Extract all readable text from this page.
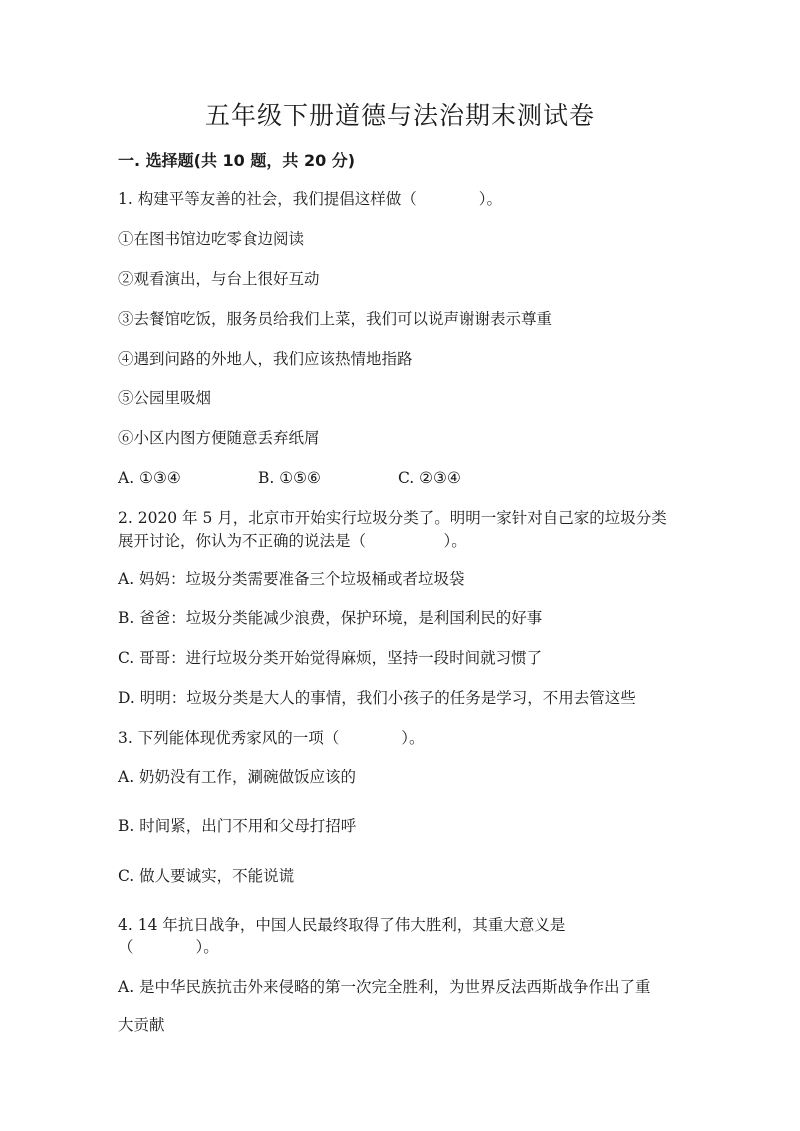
五年级下册道德与法治期末测试卷
一. 选择题(共 10 题，共 20 分)
1. 构建平等友善的社会，我们提倡这样做（　　　　）。
①在图书馆边吃零食边阅读
②观看演出，与台上很好互动
③去餐馆吃饭，服务员给我们上菜，我们可以说声谢谢表示尊重
④遇到问路的外地人，我们应该热情地指路
⑤公园里吸烟
⑥小区内图方便随意丢弃纸屑
A. ①③④	B. ①⑤⑥	C. ②③④
2. 2020 年 5 月，北京市开始实行垃圾分类了。明明一家针对自己家的垃圾分类
展开讨论，你认为不正确的说法是（　　　　　）。
A. 妈妈：垃圾分类需要准备三个垃圾桶或者垃圾袋
B. 爸爸：垃圾分类能减少浪费，保护环境，是利国利民的好事
C. 哥哥：进行垃圾分类开始觉得麻烦，坚持一段时间就习惯了
D. 明明：垃圾分类是大人的事情，我们小孩子的任务是学习，不用去管这些
3. 下列能体现优秀家风的一项（　　　　）。
A. 奶奶没有工作，涮碗做饭应该的
B. 时间紧，出门不用和父母打招呼
C. 做人要诚实，不能说谎
4. 14 年抗日战争，中国人民最终取得了伟大胜利，其重大意义是
（　　　　）。
A. 是中华民族抗击外来侵略的第一次完全胜利，为世界反法西斯战争作出了重
大贡献
